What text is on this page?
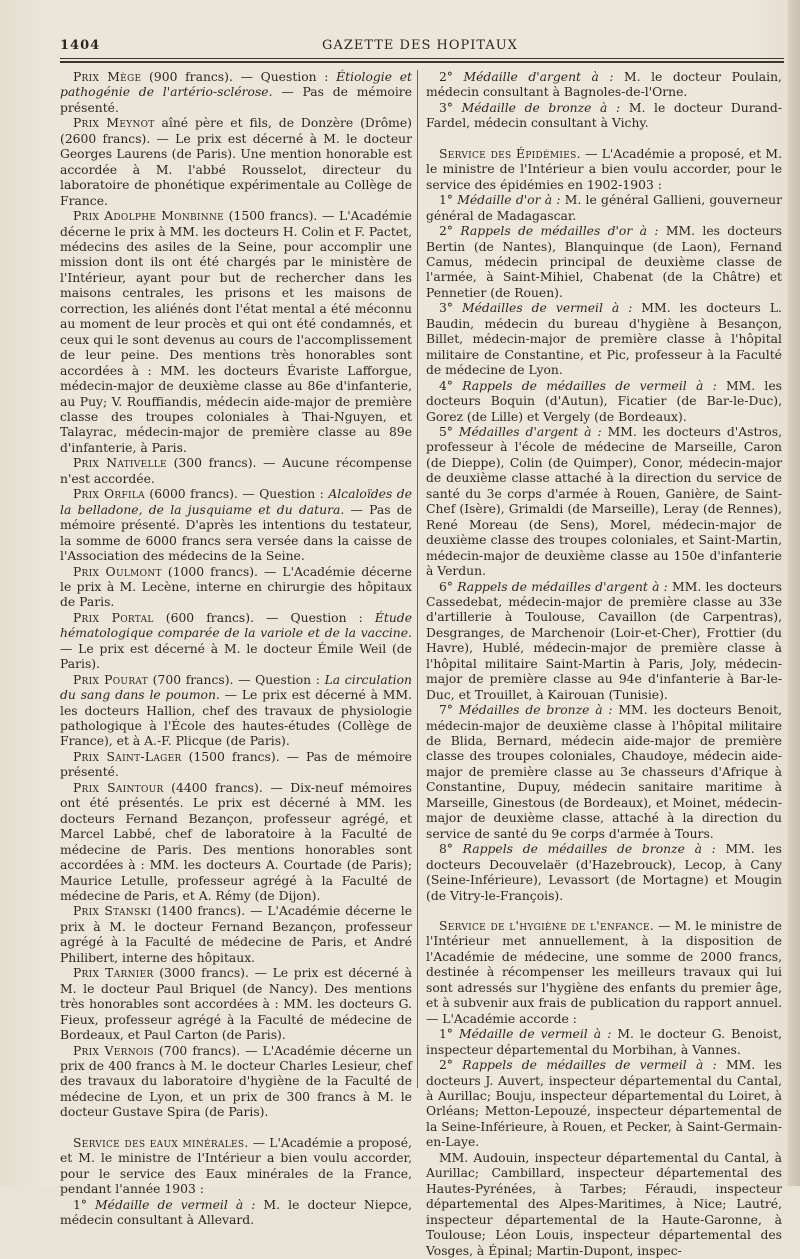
1404	GAZETTE DES HOPITAUX

Prix Mège (900 francs). — Question : Étiologie et pathogénie de l'artério-sclérose. — Pas de mémoire présenté.

Prix Meynot aîné père et fils, de Donzère (Drôme) (2600 francs). — Le prix est décerné à M. le docteur Georges Laurens (de Paris). Une mention honorable est accordée à M. l'abbé Rousselot, directeur du laboratoire de phonétique expérimentale au Collège de France.

Prix Adolphe Monbinne (1500 francs). — L'Académie décerne le prix à MM. les docteurs H. Colin et F. Pactet, médecins des asiles de la Seine, pour accomplir une mission dont ils ont été chargés par le ministère de l'Intérieur, ayant pour but de rechercher dans les maisons centrales, les prisons et les maisons de correction, les aliénés dont l'état mental a été méconnu au moment de leur procès et qui ont été condamnés, et ceux qui le sont devenus au cours de l'accomplissement de leur peine. Des mentions très honorables sont accordées à : MM. les docteurs Évariste Lafforgue, médecin-major de deuxième classe au 86e d'infanterie, au Puy; V. Rouffiandis, médecin aide-major de première classe des troupes coloniales à Thai-Nguyen, et Talayrac, médecin-major de première classe au 89e d'infanterie, à Paris.

Prix Nativelle (300 francs). — Aucune récompense n'est accordée.

Prix Orfila (6000 francs). — Question : Alcaloïdes de la belladone, de la jusquiame et du datura. — Pas de mémoire présenté. D'après les intentions du testateur, la somme de 6000 francs sera versée dans la caisse de l'Association des médecins de la Seine.

Prix Oulmont (1000 francs). — L'Académie décerne le prix à M. Lecène, interne en chirurgie des hôpitaux de Paris.

Prix Portal (600 francs). — Question : Étude hématologique comparée de la variole et de la vaccine. — Le prix est décerné à M. le docteur Émile Weil (de Paris).

Prix Pourat (700 francs). — Question : La circulation du sang dans le poumon. — Le prix est décerné à MM. les docteurs Hallion, chef des travaux de physiologie pathologique à l'École des hautes-études (Collège de France), et à A.-F. Plicque (de Paris).

Prix Saint-Lager (1500 francs). — Pas de mémoire présenté.

Prix Saintour (4400 francs). — Dix-neuf mémoires ont été présentés. Le prix est décerné à MM. les docteurs Fernand Bezançon, professeur agrégé, et Marcel Labbé, chef de laboratoire à la Faculté de médecine de Paris. Des mentions honorables sont accordées à : MM. les docteurs A. Courtade (de Paris); Maurice Letulle, professeur agrégé à la Faculté de médecine de Paris, et A. Rémy (de Dijon).

Prix Stanski (1400 francs). — L'Académie décerne le prix à M. le docteur Fernand Bezançon, professeur agrégé à la Faculté de médecine de Paris, et André Philibert, interne des hôpitaux.

Prix Tarnier (3000 francs). — Le prix est décerné à M. le docteur Paul Briquel (de Nancy). Des mentions très honorables sont accordées à : MM. les docteurs G. Fieux, professeur agrégé à la Faculté de médecine de Bordeaux, et Paul Carton (de Paris).

Prix Vernois (700 francs). — L'Académie décerne un prix de 400 francs à M. le docteur Charles Lesieur, chef des travaux du laboratoire d'hygiène de la Faculté de médecine de Lyon, et un prix de 300 francs à M. le docteur Gustave Spira (de Paris).

Service des eaux minérales. — L'Académie a proposé, et M. le ministre de l'Intérieur a bien voulu accorder, pour le service des Eaux minérales de la France, pendant l'année 1903 :

1° Médaille de vermeil à : M. le docteur Niepce, médecin consultant à Allevard.

2° Médaille d'argent à : M. le docteur Poulain, médecin consultant à Bagnoles-de-l'Orne.

3° Médaille de bronze à : M. le docteur Durand-Fardel, médecin consultant à Vichy.

Service des Épidémies. — L'Académie a proposé, et M. le ministre de l'Intérieur a bien voulu accorder, pour le service des épidémies en 1902-1903 :

1° Médaille d'or à : M. le général Gallieni, gouverneur général de Madagascar.

2° Rappels de médailles d'or à : MM. les docteurs Bertin (de Nantes), Blanquinque (de Laon), Fernand Camus, médecin principal de deuxième classe de l'armée, à Saint-Mihiel, Chabenat (de la Châtre) et Pennetier (de Rouen).

3° Médailles de vermeil à : MM. les docteurs L. Baudin, médecin du bureau d'hygiène à Besançon, Billet, médecin-major de première classe à l'hôpital militaire de Constantine, et Pic, professeur à la Faculté de médecine de Lyon.

4° Rappels de médailles de vermeil à : MM. les docteurs Boquin (d'Autun), Ficatier (de Bar-le-Duc), Gorez (de Lille) et Vergely (de Bordeaux).

5° Médailles d'argent à : MM. les docteurs d'Astros, professeur à l'école de médecine de Marseille, Caron (de Dieppe), Colin (de Quimper), Conor, médecin-major de deuxième classe attaché à la direction du service de santé du 3e corps d'armée à Rouen, Ganière, de Saint-Chef (Isère), Grimaldi (de Marseille), Leray (de Rennes), René Moreau (de Sens), Morel, médecin-major de deuxième classe des troupes coloniales, et Saint-Martin, médecin-major de deuxième classe au 150e d'infanterie à Verdun.

6° Rappels de médailles d'argent à : MM. les docteurs Cassedebat, médecin-major de première classe au 33e d'artillerie à Toulouse, Cavaillon (de Carpentras), Desgranges, de Marchenoir (Loir-et-Cher), Frottier (du Havre), Hublé, médecin-major de première classe à l'hôpital militaire Saint-Martin à Paris, Joly, médecin-major de première classe au 94e d'infanterie à Bar-le-Duc, et Trouillet, à Kairouan (Tunisie).

7° Médailles de bronze à : MM. les docteurs Benoit, médecin-major de deuxième classe à l'hôpital militaire de Blida, Bernard, médecin aide-major de première classe des troupes coloniales, Chaudoye, médecin aide-major de première classe au 3e chasseurs d'Afrique à Constantine, Dupuy, médecin sanitaire maritime à Marseille, Ginestous (de Bordeaux), et Moinet, médecin-major de deuxième classe, attaché à la direction du service de santé du 9e corps d'armée à Tours.

8° Rappels de médailles de bronze à : MM. les docteurs Decouvelaër (d'Hazebrouck), Lecop, à Cany (Seine-Inférieure), Levassort (de Mortagne) et Mougin (de Vitry-le-François).

Service de l'hygiène de l'enfance. — M. le ministre de l'Intérieur met annuellement, à la disposition de l'Académie de médecine, une somme de 2000 francs, destinée à récompenser les meilleurs travaux qui lui sont adressés sur l'hygiène des enfants du premier âge, et à subvenir aux frais de publication du rapport annuel. — L'Académie accorde :

1° Médaille de vermeil à : M. le docteur G. Benoist, inspecteur départemental du Morbihan, à Vannes.

2° Rappels de médailles de vermeil à : MM. les docteurs J. Auvert, inspecteur départemental du Cantal, à Aurillac; Bouju, inspecteur départemental du Loiret, à Orléans; Metton-Lepouzé, inspecteur départemental de la Seine-Inférieure, à Rouen, et Pecker, à Saint-Germain-en-Laye.

MM. Audouin, inspecteur départemental du Cantal, à Aurillac; Cambillard, inspecteur départemental des Hautes-Pyrénées, à Tarbes; Féraudi, inspecteur départemental des Alpes-Maritimes, à Nice; Lautré, inspecteur départemental de la Haute-Garonne, à Toulouse; Léon Louis, inspecteur départemental des Vosges, à Épinal; Martin-Dupont, inspec-
